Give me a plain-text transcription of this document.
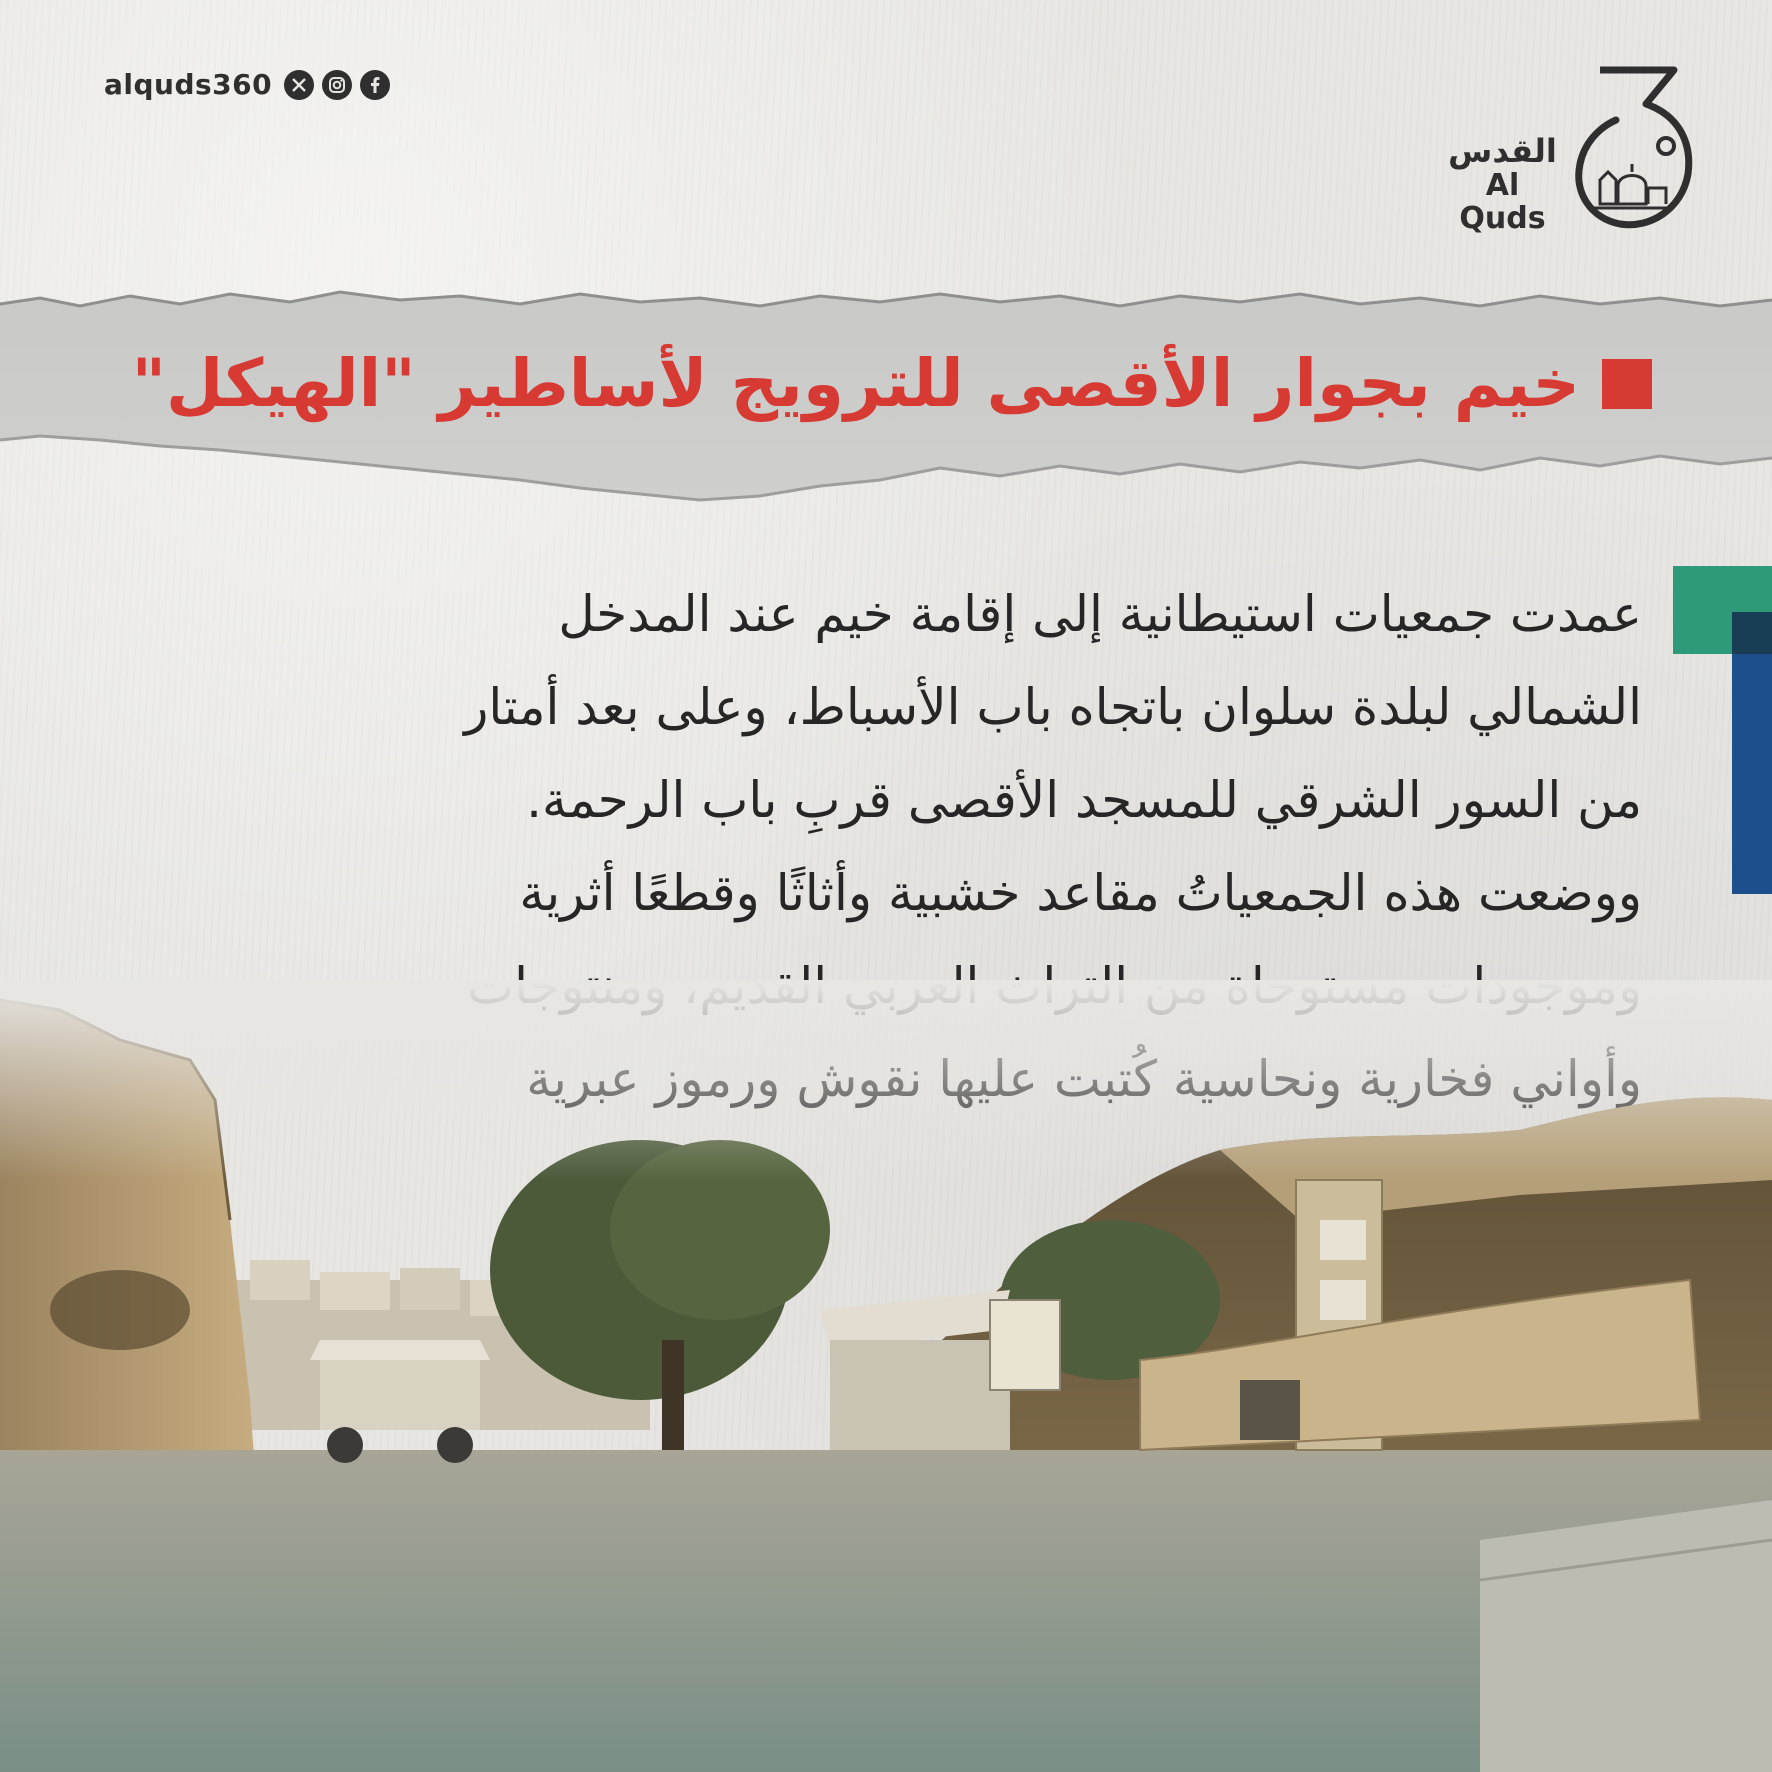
alquds360
القدس
Al Quds
خيم بجوار الأقصى للترويج لأساطير "الهيكل"
عمدت جمعيات استيطانية إلى إقامة خيم عند المدخل
الشمالي لبلدة سلوان باتجاه باب الأسباط، وعلى بعد أمتار
من السور الشرقي للمسجد الأقصى قربِ باب الرحمة.
ووضعت هذه الجمعياتُ مقاعد خشبية وأثاثًا وقطعًا أثرية
